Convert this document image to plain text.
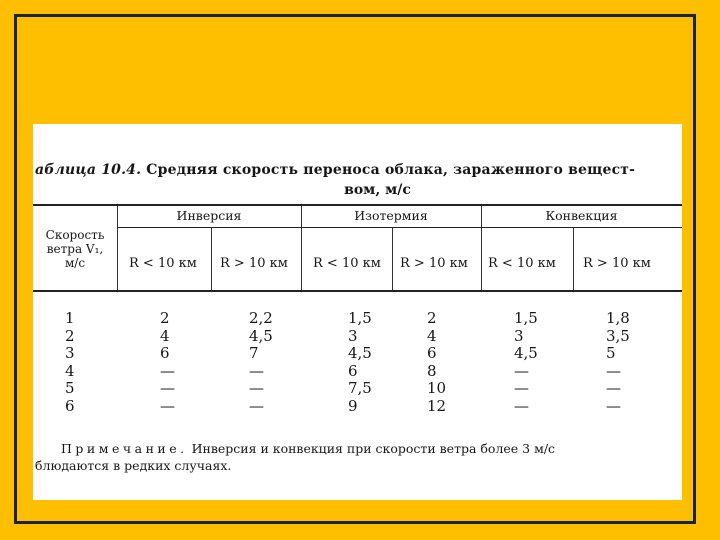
аблица 10.4. Средняя скорость переноса облака, зараженного вещест-
вом, м/с
Скорость
ветра V₁,
м/с
Инверсия	Изотермия	Конвекция
R < 10 км R > 10 км R < 10 км R > 10 км R < 10 км R > 10 км
1
2
3
4
5
6
2
4
6
—
—
—
2,2
4,5
7
—
—
—
1,5
3
4,5
6
7,5
9
2
4
6
8
10
12
1,5
3
4,5
—
—
—
1,8
3,5
5
—
—
—
Примечание. Инверсия и конвекция при скорости ветра более 3 м/с
блюдаются в редких случаях.
